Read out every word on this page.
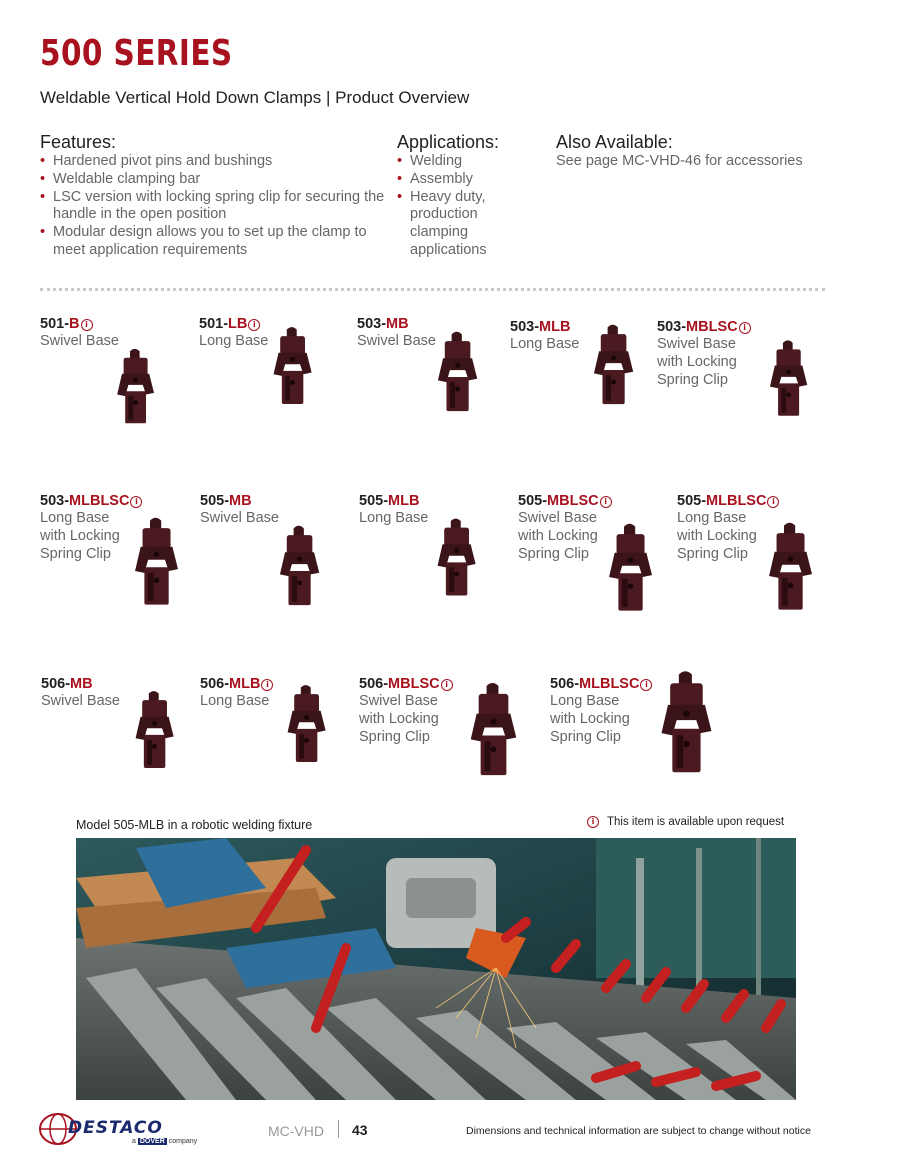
500 SERIES
Weldable Vertical Hold Down Clamps | Product Overview
Features:
• Hardened pivot pins and bushings
• Weldable clamping bar
• LSC version with locking spring clip for securing the handle in the open position
• Modular design allows you to set up the clamp to meet application requirements
Applications:
• Welding
• Assembly
• Heavy duty, production clamping applications
Also Available:
See page MC-VHD-46 for accessories
501-B i
Swivel Base
501-LB i
Long Base
503-MB
Swivel Base
503-MLB
Long Base
503-MBLSC i
Swivel Base
with Locking
Spring Clip
503-MLBLSC i
Long Base
with Locking
Spring Clip
505-MB
Swivel Base
505-MLB
Long Base
505-MBLSC i
Swivel Base
with Locking
Spring Clip
505-MLBLSC i
Long Base
with Locking
Spring Clip
506-MB
Swivel Base
506-MLB i
Long Base
506-MBLSC i
Swivel Base
with Locking
Spring Clip
506-MLBLSC i
Long Base
with Locking
Spring Clip
Model 505-MLB in a robotic welding fixture	i This item is available upon request
DESTACO
a DOVER company
MC-VHD 43	Dimensions and technical information are subject to change without notice
